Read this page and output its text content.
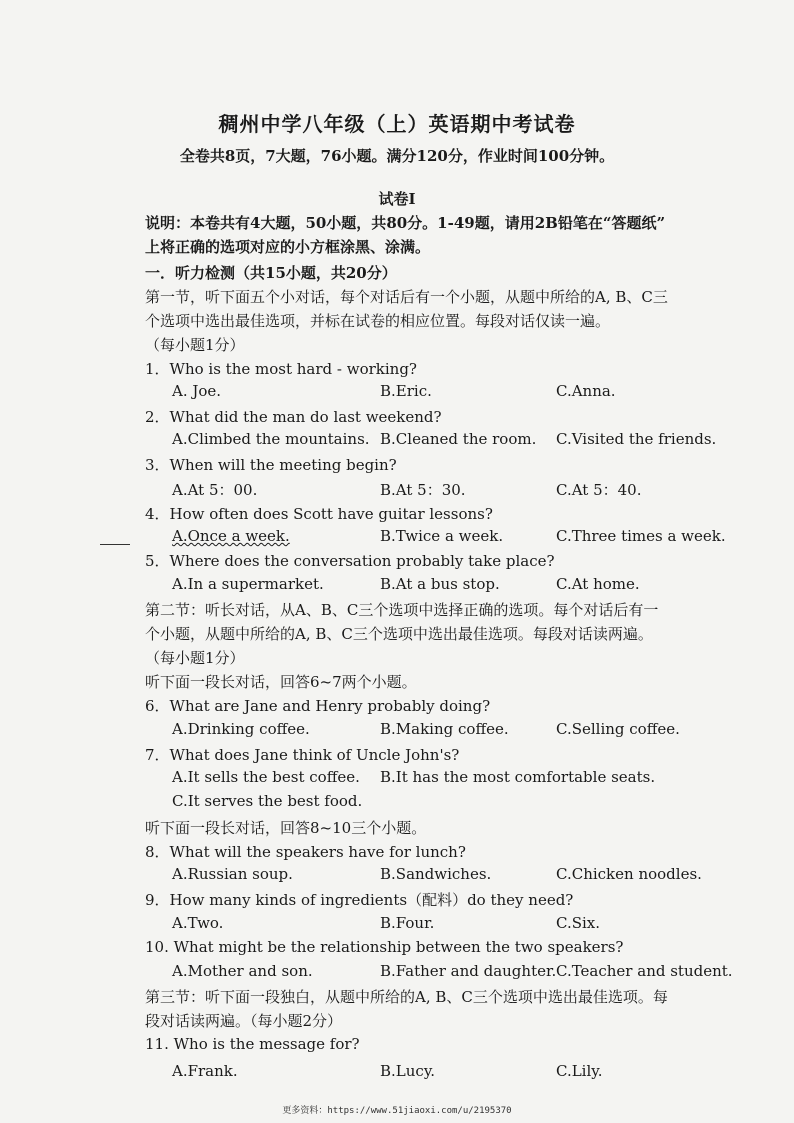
稠州中学八年级（上）英语期中考试卷
全卷共8页，7大题，76小题。满分120分，作业时间100分钟。
试卷I
说明：本卷共有4大题，50小题，共80分。1-49题，请用2B铅笔在“答题纸”
上将正确的选项对应的小方框涂黑、涂满。
一．听力检测（共15小题，共20分）
第一节，听下面五个小对话，每个对话后有一个小题，从题中所给的A, B、C三
个选项中选出最佳选项，并标在试卷的相应位置。每段对话仅读一遍。
（每小题1分）
1．Who is the most hard - working?
A. Joe.	B.Eric.	C.Anna.
2．What did the man do last weekend?
A.Climbed the mountains. B.Cleaned the room. C.Visited the friends.
3．When will the meeting begin?
A.At 5：00.	B.At 5：30.	C.At 5：40.
4．How often does Scott have guitar lessons?
A.Once a week.	B.Twice a week.	C.Three times a week.
5．Where does the conversation probably take place?
A.In a supermarket.	B.At a bus stop.	C.At home.
第二节：听长对话，从A、B、C三个选项中选择正确的选项。每个对话后有一
个小题，从题中所给的A, B、C三个选项中选出最佳选项。每段对话读两遍。
（每小题1分）
听下面一段长对话，回答6~7两个小题。
6．What are Jane and Henry probably doing?
A.Drinking coffee.	B.Making coffee.	C.Selling coffee.
7．What does Jane think of Uncle John's?
A.It sells the best coffee. B.It has the most comfortable seats.
C.It serves the best food.
听下面一段长对话，回答8~10三个小题。
8．What will the speakers have for lunch?
A.Russian soup.	B.Sandwiches.	C.Chicken noodles.
9．How many kinds of ingredients（配料）do they need?
A.Two.	B.Four.	C.Six.
10. What might be the relationship between the two speakers?
A.Mother and son.	B.Father and daughter. C.Teacher and student.
第三节：听下面一段独白，从题中所给的A, B、C三个选项中选出最佳选项。每
段对话读两遍。（每小题2分）
11. Who is the message for?
A.Frank.	B.Lucy.	C.Lily.
更多资料：https://www.51jiaoxi.com/u/2195370
